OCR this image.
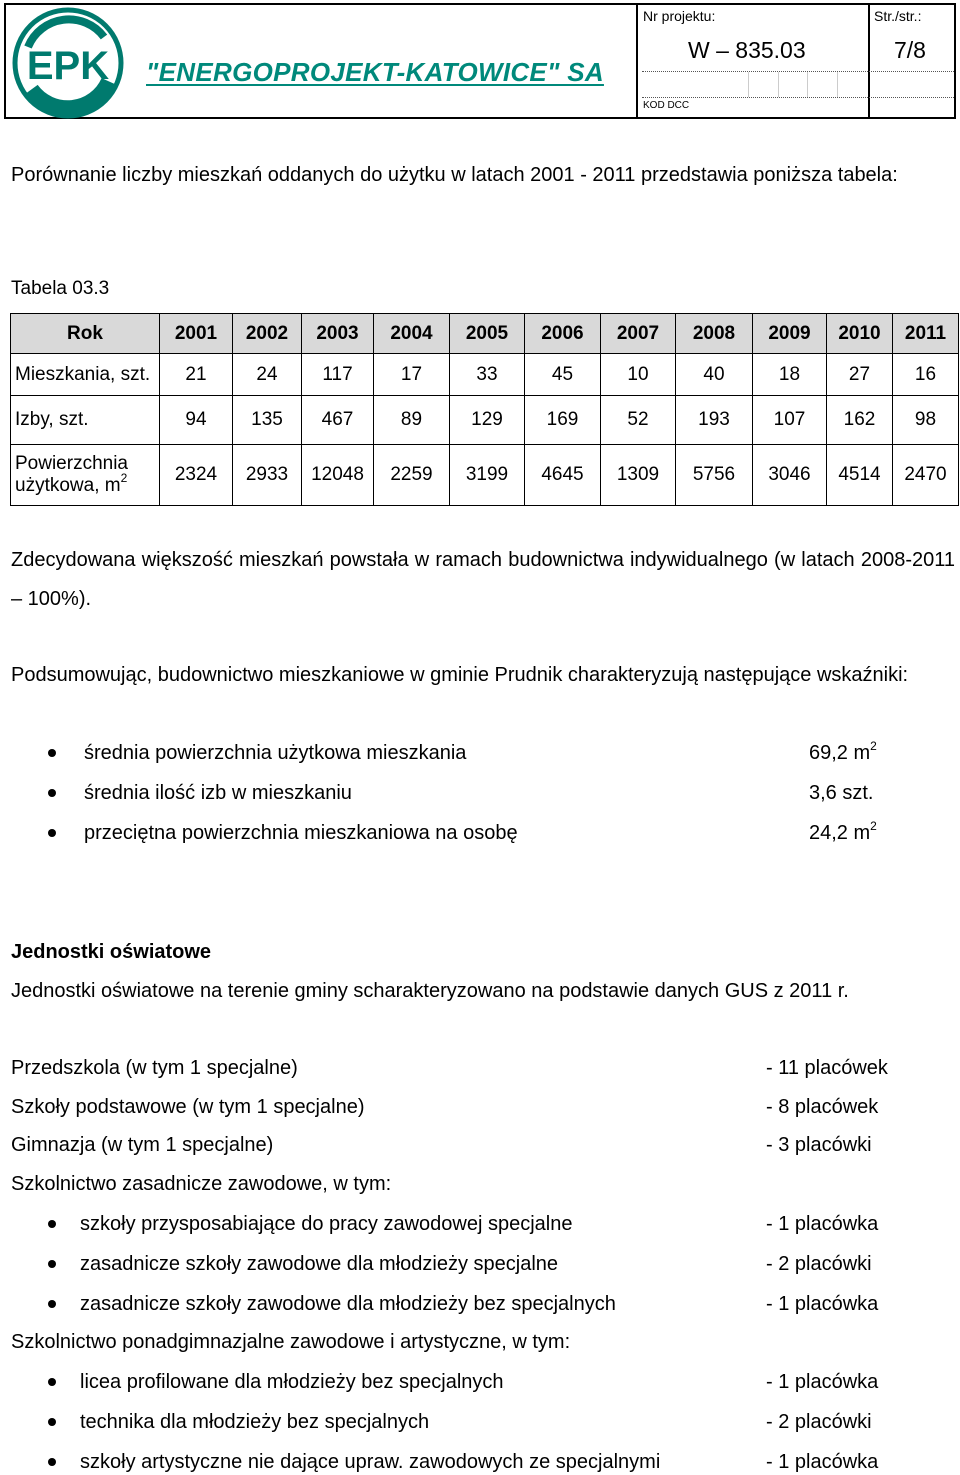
EPK "ENERGOPROJEKT-KATOWICE" SA
Nr projektu:	Str./str.:
W – 835.03	7/8
KOD DCC
Porównanie liczby mieszkań oddanych do użytku w latach 2001 - 2011 przedstawia poniższa tabela:
Tabela 03.3
Rok	2001	2002	2003	2004	2005	2006	2007	2008	2009	2010	2011
Mieszkania, szt.	21	24	117	17	33	45	10	40	18	27	16
Izby, szt.	94	135	467	89	129	169	52	193	107	162	98
Powierzchnia
użytkowa, $m^2$	2324	2933	12048	2259	3199	4645	1309	5756	3046	4514	2470
Zdecydowana większość mieszkań powstała w ramach budownictwa indywidualnego (w latach 2008-2011 – 100%).
Podsumowując, budownictwo mieszkaniowe w gminie Prudnik charakteryzują następujące wskaźniki:
średnia powierzchnia użytkowa mieszkania	69,2 $m^2$
średnia ilość izb w mieszkaniu	3,6 szt.
przeciętna powierzchnia mieszkaniowa na osobę	24,2 $m^2$
Jednostki oświatowe
Jednostki oświatowe na terenie gminy scharakteryzowano na podstawie danych GUS z 2011 r.
Przedszkola (w tym 1 specjalne)	- 11 placówek
Szkoły podstawowe (w tym 1 specjalne)	- 8 placówek
Gimnazja (w tym 1 specjalne)	- 3 placówki
Szkolnictwo zasadnicze zawodowe, w tym:
szkoły przysposabiające do pracy zawodowej specjalne	- 1 placówka
zasadnicze szkoły zawodowe dla młodzieży specjalne	- 2 placówki
zasadnicze szkoły zawodowe dla młodzieży bez specjalnych	- 1 placówka
Szkolnictwo ponadgimnazjalne zawodowe i artystyczne, w tym:
licea profilowane dla młodzieży bez specjalnych	- 1 placówka
technika dla młodzieży bez specjalnych	- 2 placówki
szkoły artystyczne nie dające upraw. zawodowych ze specjalnymi	- 1 placówka
